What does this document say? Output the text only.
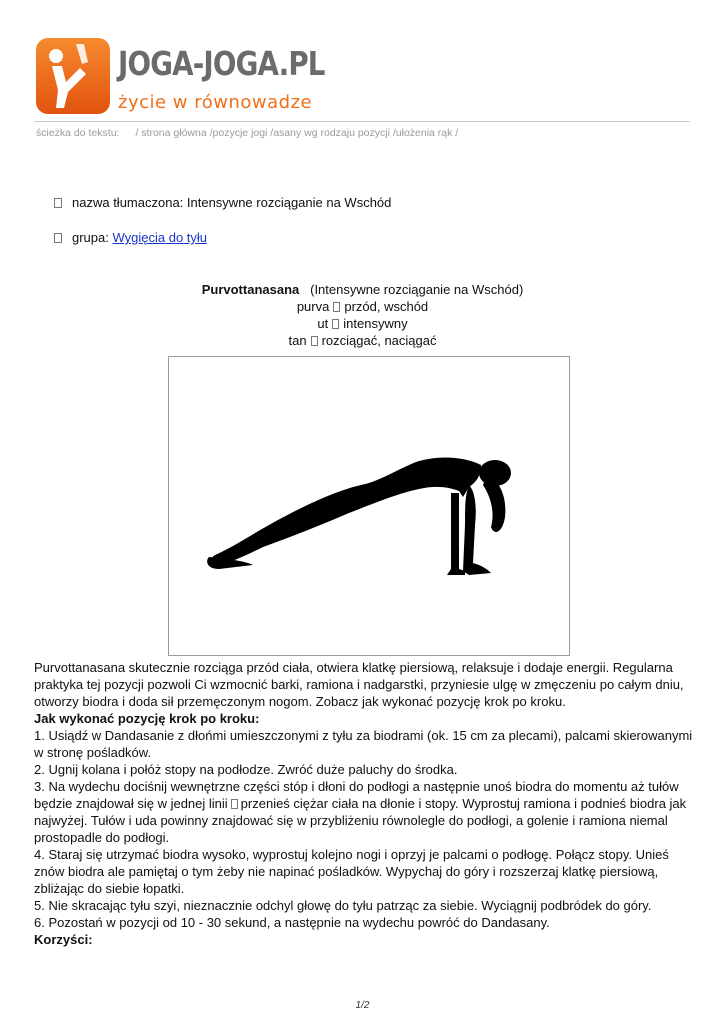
JOGA-JOGA.PL
życie w równowadze
ścieżka do tekstu: / strona główna /pozycje jogi /asany wg rodzaju pozycji /ułożenia rąk /
nazwa tłumaczona: Intensywne rozciąganie na Wschód
grupa: Wygięcia do tyłu
Purvottanasana (Intensywne rozciąganie na Wschód)
purva przód, wschód
ut intensywny
tan rozciągać, naciągać

Purvottanasana skutecznie rozciąga przód ciała, otwiera klatkę piersiową, relaksuje i dodaje energii. Regularna praktyka tej pozycji pozwoli Ci wzmocnić barki, ramiona i nadgarstki, przyniesie ulgę w zmęczeniu po całym dniu, otworzy biodra i doda sił przemęczonym nogom. Zobacz jak wykonać pozycję krok po kroku.

Jak wykonać pozycję krok po kroku:

1. Usiądź w Dandasanie z dłońmi umieszczonymi z tyłu za biodrami (ok. 15 cm za plecami), palcami skierowanymi w stronę pośladków.

2. Ugnij kolana i połóż stopy na podłodze. Zwróć duże paluchy do środka.

3. Na wydechu dociśnij wewnętrzne części stóp i dłoni do podłogi a następnie unoś biodra do momentu aż tułów będzie znajdował się w jednej linii przenieś ciężar ciała na dłonie i stopy. Wyprostuj ramiona i podnieś biodra jak najwyżej. Tułów i uda powinny znajdować się w przybliżeniu równolegle do podłogi, a golenie i ramiona niemal prostopadle do podłogi.

4. Staraj się utrzymać biodra wysoko, wyprostuj kolejno nogi i oprzyj je palcami o podłogę. Połącz stopy. Unieś znów biodra ale pamiętaj o tym żeby nie napinać pośladków. Wypychaj do góry i rozszerzaj klatkę piersiową, zbliżając do siebie łopatki.

5. Nie skracając tyłu szyi, nieznacznie odchyl głowę do tyłu patrząc za siebie. Wyciągnij podbródek do góry.

6. Pozostań w pozycji od 10 - 30 sekund, a następnie na wydechu powróć do Dandasany.

Korzyści:

1/2
